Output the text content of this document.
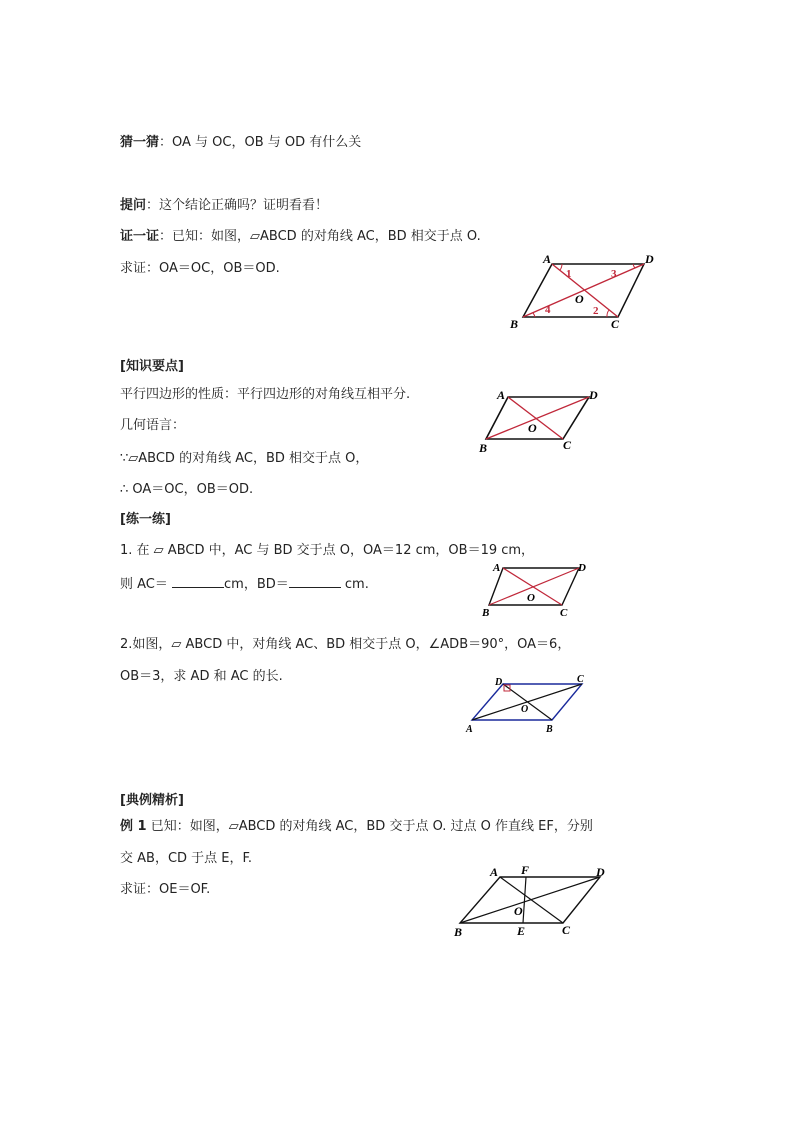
猜一猜：OA 与 OC，OB 与 OD 有什么关
提问：这个结论正确吗？证明看看！
证一证：已知：如图，▱ABCD 的对角线 AC，BD 相交于点 O.
求证：OA＝OC，OB＝OD.
[知识要点]
平行四边形的性质：平行四边形的对角线互相平分.
几何语言：
∵▱ABCD 的对角线 AC，BD 相交于点 O，
∴ OA＝OC，OB＝OD.
[练一练]
1. 在 ▱ ABCD 中，AC 与 BD 交于点 O，OA＝12 cm，OB＝19 cm，
则 AC＝	cm，BD＝	cm.
2.如图，▱ ABCD 中，对角线 AC、BD 相交于点 O，∠ADB＝90°，OA＝6，
OB＝3，求 AD 和 AC 的长.
[典例精析]
例 1 已知：如图，▱ABCD 的对角线 AC，BD 交于点 O. 过点 O 作直线 EF，分别
交 AB，CD 于点 E，F.
求证：OE＝OF.
A	D
B	C
O
1	3
4	2
A	D
B	C
O
A	D
B	C
O
D	C
A	B
O
A F	D
B	E	C
O
